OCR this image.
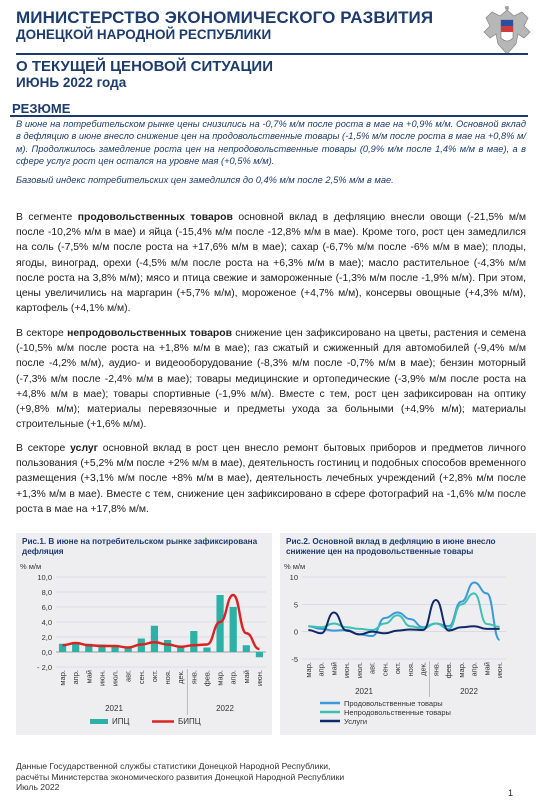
МИНИСТЕРСТВО ЭКОНОМИЧЕСКОГО РАЗВИТИЯ
ДОНЕЦКОЙ НАРОДНОЙ РЕСПУБЛИКИ
О ТЕКУЩЕЙ ЦЕНОВОЙ СИТУАЦИИ
ИЮНЬ 2022 года
РЕЗЮМЕ

В июне на потребительском рынке цены снизились на -0,7% м/м после роста в мае на +0,9% м/м. Основной вклад в дефляцию в июне внесло снижение цен на продовольственные товары (-1,5% м/м после роста в мае на +0,8% м/м). Продолжилось замедление роста цен на непродовольственные товары (0,9% м/м после 1,4% м/м в мае), а в сфере услуг рост цен остался на уровне мая (+0,5% м/м).

Базовый индекс потребительских цен замедлился до 0,4% м/м после 2,5% м/м в мае.

В сегменте продовольственных товаров основной вклад в дефляцию внесли овощи (-21,5% м/м после -10,2% м/м в мае) и яйца (-15,4% м/м после -12,8% м/м в мае). Кроме того, рост цен замедлился на соль (-7,5% м/м после роста на +17,6% м/м в мае); сахар (-6,7% м/м после -6% м/м в мае); плоды, ягоды, виноград, орехи (-4,5% м/м после роста на +6,3% м/м в мае); масло растительное (-4,3% м/м после роста на 3,8% м/м); мясо и птица свежие и замороженные (-1,3% м/м после -1,9% м/м). При этом, цены увеличились на маргарин (+5,7% м/м), мороженое (+4,7% м/м), консервы овощные (+4,3% м/м), картофель (+4,1% м/м).
В секторе непродовольственных товаров снижение цен зафиксировано на цветы, растения и семена (-10,5% м/м после роста на +1,8% м/м в мае); газ сжатый и сжиженный для автомобилей (-9,4% м/м после -4,2% м/м), аудио- и видеооборудование (-8,3% м/м после -0,7% м/м в мае); бензин моторный (-7,3% м/м после -2,4% м/м в мае); товары медицинские и ортопедические (-3,9% м/м после роста на +4,8% м/м в мае); товары спортивные (-1,9% м/м). Вместе с тем, рост цен зафиксирован на оптику (+9,8% м/м); материалы перевязочные и предметы ухода за больными (+4,9% м/м); материалы строительные (+1,6% м/м).
В секторе услуг основной вклад в рост цен внесло ремонт бытовых приборов и предметов личного пользования (+5,2% м/м после +2% м/м в мае), деятельность гостиниц и подобных способов временного размещения (+3,1% м/м после +8% м/м в мае), деятельность лечебных учреждений (+2,8% м/м после +1,3% м/м в мае). Вместе с тем, снижение цен зафиксировано в сфере фотографий на -1,6% м/м после роста в мае на +17,8% м/м.
Рис.1. В июне на потребительском рынке зафиксирована дефляция
% м/м
10,0
8,0
6,0
4,0
2,0
0,0
- 2,0
мар. апр. май июн. июл. авг. сен. окт. ноя. дек. янв. фев. мар. апр. май июн.
2021	2022
ИПЦ	БИПЦ
Рис.2. Основной вклад в дефляцию в июне внесло снижение цен на продовольственные товары
% м/м
10
5
0
-5
мар. апр. май июн. июл. авг. сен. окт. ноя. дек. янв. фев. мар. апр. май июн.
2021	2022
Продовольственные товары
Непродовольственные товары
Услуги
Данные Государственной службы статистики Донецкой Народной Республики,
расчёты Министерства экономического развития Донецкой Народной Республики
Июль 2022
1
